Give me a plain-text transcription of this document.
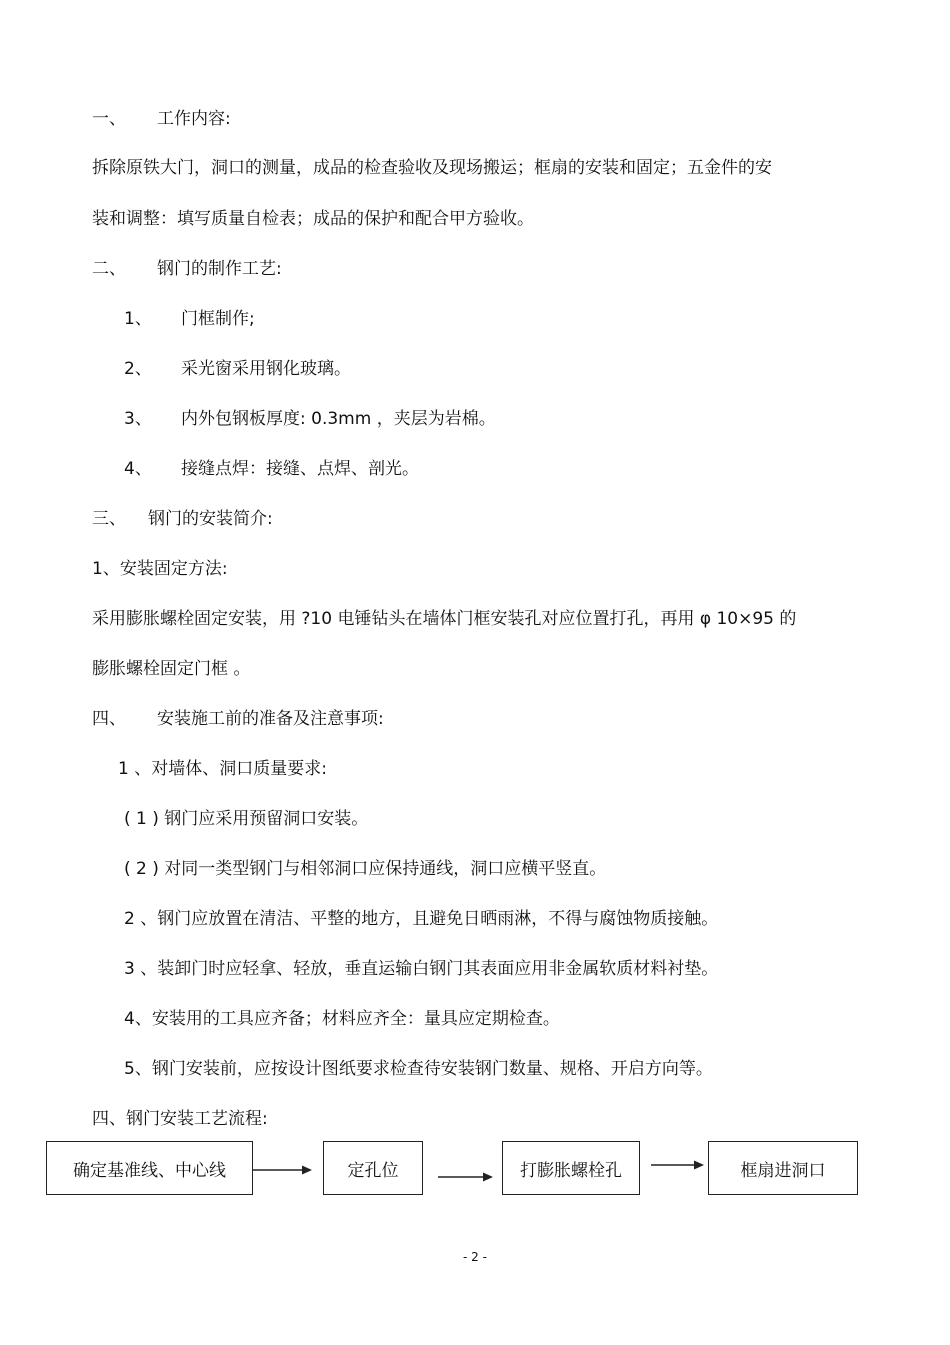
一、 工作内容:
拆除原铁大门，洞口的测量，成品的检查验收及现场搬运；框扇的安装和固定；五金件的安
装和调整：填写质量自检表；成品的保护和配合甲方验收。
二、 钢门的制作工艺:
1、 门框制作;
2、 采光窗采用钢化玻璃。
3、 内外包钢板厚度: 0.3mm ，夹层为岩棉。
4、 接缝点焊：接缝、点焊、剖光。
三、 钢门的安装简介:
1、安装固定方法:
采用膨胀螺栓固定安装，用 ?10 电锤钻头在墙体门框安装孔对应位置打孔，再用 φ 10×95 的
膨胀螺栓固定门框 。
四、 安装施工前的准备及注意事项:
1 、对墙体、洞口质量要求:
( 1 ) 钢门应采用预留洞口安装。
( 2 ) 对同一类型钢门与相邻洞口应保持通线，洞口应横平竖直。
2 、钢门应放置在清洁、平整的地方，且避免日晒雨淋，不得与腐蚀物质接触。
3 、装卸门时应轻拿、轻放，垂直运输白钢门其表面应用非金属软质材料衬垫。
4、安装用的工具应齐备；材料应齐全：量具应定期检查。
5、钢门安装前，应按设计图纸要求检查待安装钢门数量、规格、开启方向等。
四、钢门安装工艺流程:
确定基准线、中心线	定孔位	打膨胀螺栓孔	框扇进洞口
- 2 -
